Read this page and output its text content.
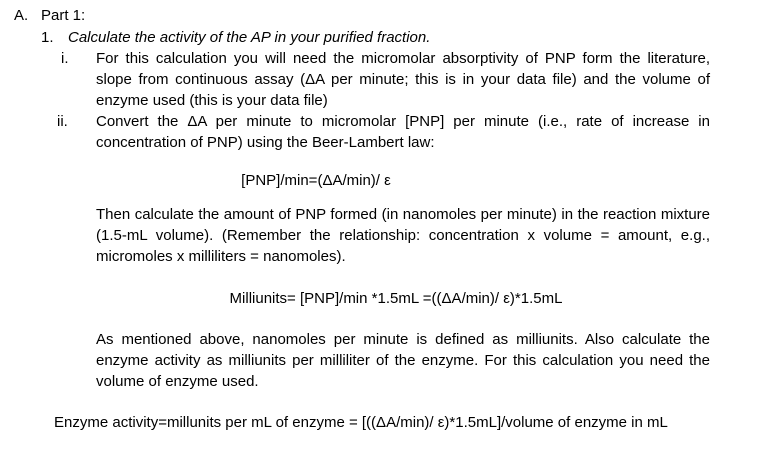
A. Part 1:
1. Calculate the activity of the AP in your purified fraction.
i. For this calculation you will need the micromolar absorptivity of PNP form the literature, slope from continuous assay (ΔA per minute; this is in your data file) and the volume of enzyme used (this is your data file)
ii. Convert the ΔA per minute to micromolar [PNP] per minute (i.e., rate of increase in concentration of PNP) using the Beer-Lambert law:
[PNP]/min=(ΔA/min)/ ε
Then calculate the amount of PNP formed (in nanomoles per minute) in the reaction mixture (1.5-mL volume). (Remember the relationship: concentration x volume = amount, e.g., micromoles x milliliters = nanomoles).
Milliunits= [PNP]/min *1.5mL =((ΔA/min)/ ε)*1.5mL
As mentioned above, nanomoles per minute is defined as milliunits. Also calculate the enzyme activity as milliunits per milliliter of the enzyme. For this calculation you need the volume of enzyme used.
Enzyme activity=millunits per mL of enzyme = [((ΔA/min)/ ε)*1.5mL]/volume of enzyme in mL
